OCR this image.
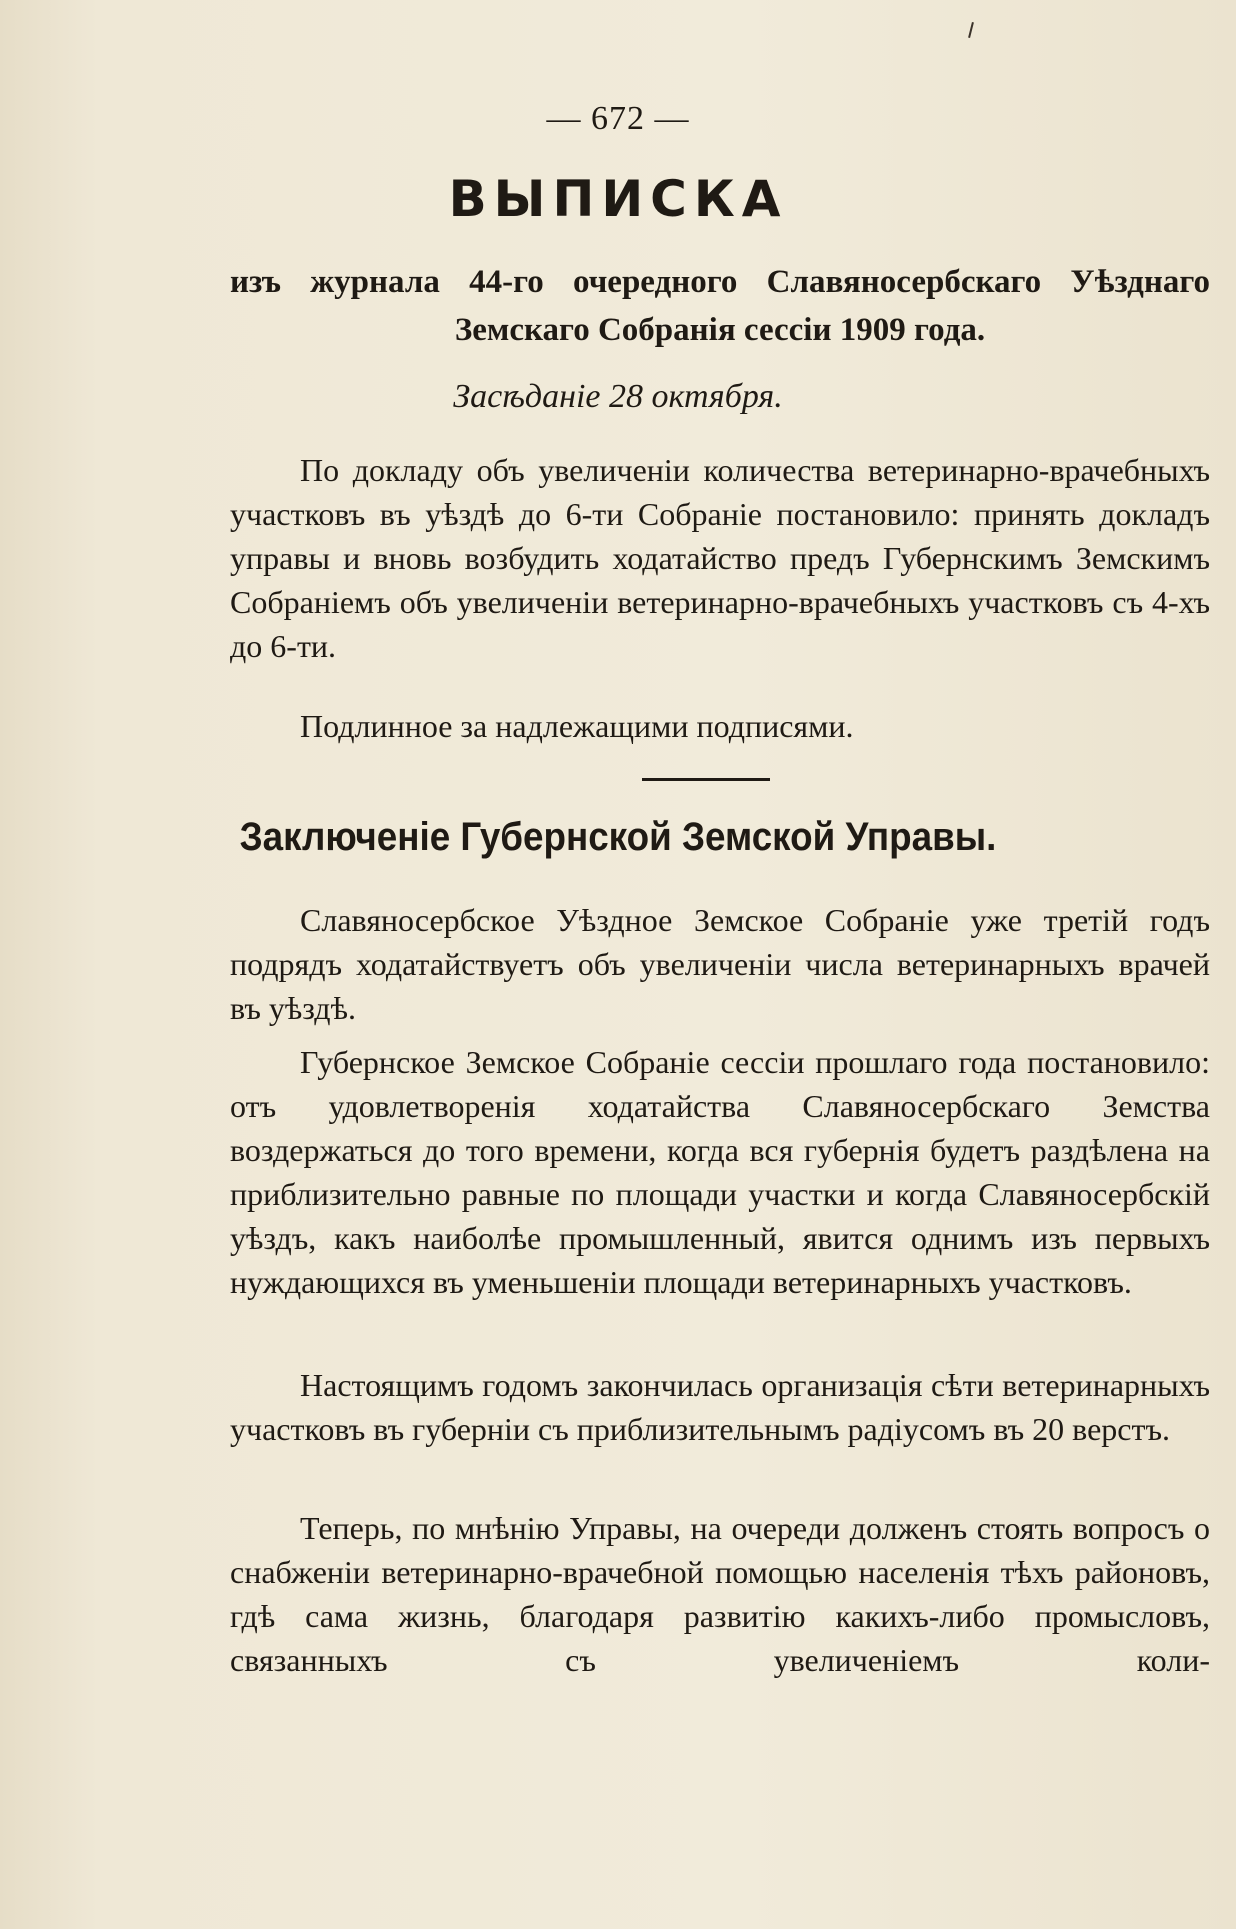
— 672 —
ВЫПИСКА
изъ журнала 44-го очередного Славяносербскаго Уѣзднаго Земскаго Собранія сессіи 1909 года.
Засѣданіе 28 октября.
По докладу объ увеличеніи количества ветеринарно-врачебныхъ участковъ въ уѣздѣ до 6-ти Собраніе постановило: принять докладъ управы и вновь возбудить ходатайство предъ Губернскимъ Земскимъ Собраніемъ объ увеличеніи ветеринарно-врачебныхъ участковъ съ 4-хъ до 6-ти.
Подлинное за надлежащими подписями.
Заключеніе Губернской Земской Управы.
Славяносербское Уѣздное Земское Собраніе уже третій годъ подрядъ ходатайствуетъ объ увеличеніи числа ветеринарныхъ врачей въ уѣздѣ.
Губернское Земское Собраніе сессіи прошлаго года постановило: отъ удовлетворенія ходатайства Славяносербскаго Земства воздержаться до того времени, когда вся губернія будетъ раздѣлена на приблизительно равные по площади участки и когда Славяносербскій уѣздъ, какъ наиболѣе промышленный, явится однимъ изъ первыхъ нуждающихся въ уменьшеніи площади ветеринарныхъ участковъ.
Настоящимъ годомъ закончилась организація сѣти ветеринарныхъ участковъ въ губерніи съ приблизительнымъ радіусомъ въ 20 верстъ.
Теперь, по мнѣнію Управы, на очереди долженъ стоять вопросъ о снабженіи ветеринарно-врачебной помощью населенія тѣхъ районовъ, гдѣ сама жизнь, благодаря развитію какихъ-либо промысловъ, связанныхъ съ увеличеніемъ коли-
